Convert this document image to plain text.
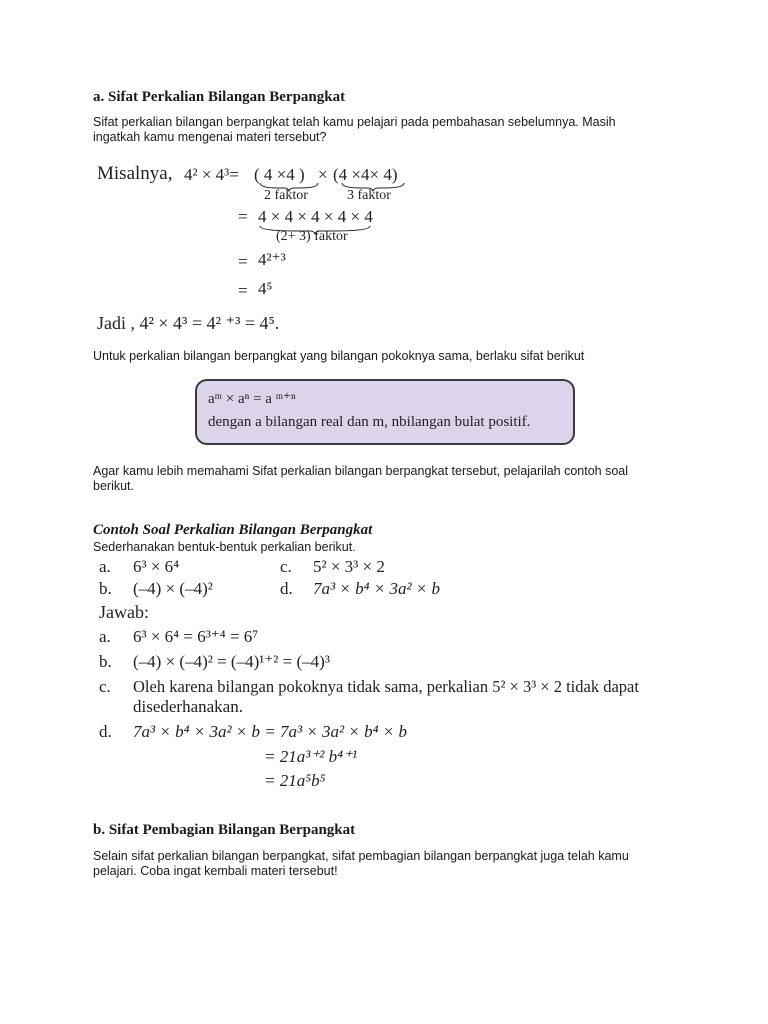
a. Sifat Perkalian Bilangan Berpangkat
Sifat perkalian bilangan berpangkat telah kamu pelajari pada pembahasan sebelumnya. Masih
ingatkah kamu mengenai materi tersebut?
Misalnya, 4² × 4³= ( 4 ×4 ) × (4 ×4× 4)
2 faktor	3 faktor
= 4 × 4 × 4 × 4 × 4
(2+ 3) faktor
= 4²⁺³
= 4⁵
Jadi , 4² × 4³ = 4² ⁺³ = 4⁵.
Untuk perkalian bilangan berpangkat yang bilangan pokoknya sama, berlaku sifat berikut
aᵐ × aⁿ = a ᵐ⁺ⁿ
dengan a bilangan real dan m, nbilangan bulat positif.
Agar kamu lebih memahami Sifat perkalian bilangan berpangkat tersebut, pelajarilah contoh soal
berikut.
Contoh Soal Perkalian Bilangan Berpangkat
Sederhanakan bentuk-bentuk perkalian berikut.
a. 6³ × 6⁴	c. 5² × 3³ × 2
b. (–4) × (–4)²	d. 7a³ × b⁴ × 3a² × b
Jawab:
a. 6³ × 6⁴ = 6³⁺⁴ = 6⁷
b. (–4) × (–4)² = (–4)¹⁺² = (–4)³
c. Oleh karena bilangan pokoknya tidak sama, perkalian 5² × 3³ × 2 tidak dapat
disederhanakan.
d. 7a³ × b⁴ × 3a² × b = 7a³ × 3a² × b⁴ × b
= 21a³⁺² b⁴⁺¹
= 21a⁵b⁵
b. Sifat Pembagian Bilangan Berpangkat
Selain sifat perkalian bilangan berpangkat, sifat pembagian bilangan berpangkat juga telah kamu
pelajari. Coba ingat kembali materi tersebut!
